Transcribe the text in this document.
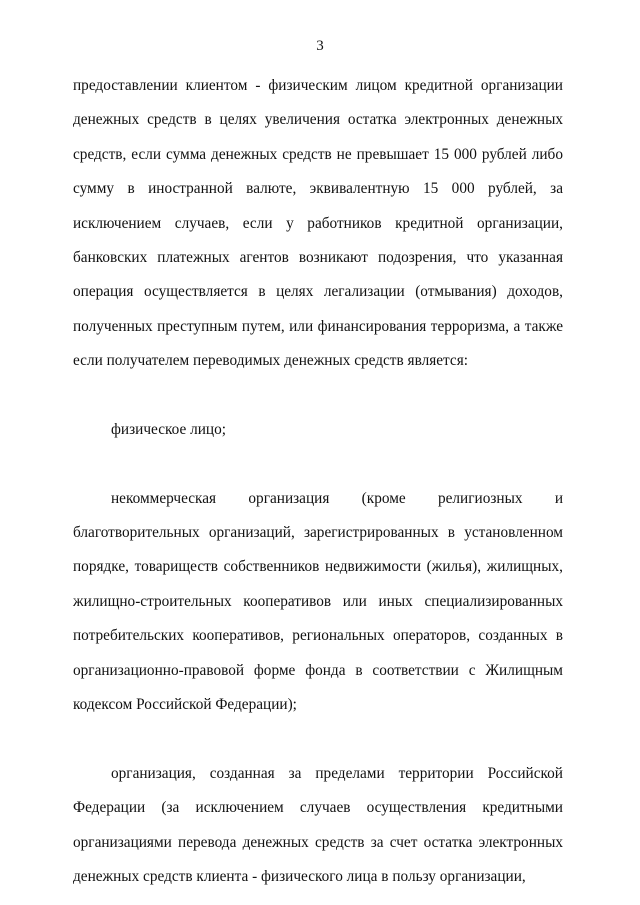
3
предоставлении клиентом - физическим лицом кредитной организации
денежных средств в целях увеличения остатка электронных денежных
средств, если сумма денежных средств не превышает 15 000 рублей либо
сумму в иностранной валюте, эквивалентную 15 000 рублей, за
исключением случаев, если у работников кредитной организации,
банковских платежных агентов возникают подозрения, что указанная
операция осуществляется в целях легализации (отмывания) доходов,
полученных преступным путем, или финансирования терроризма, а также
если получателем переводимых денежных средств является:
физическое лицо;
некоммерческая организация (кроме религиозных и
благотворительных организаций, зарегистрированных в установленном
порядке, товариществ собственников недвижимости (жилья), жилищных,
жилищно-строительных кооперативов или иных специализированных
потребительских кооперативов, региональных операторов, созданных в
организационно-правовой форме фонда в соответствии с Жилищным
кодексом Российской Федерации);
организация, созданная за пределами территории Российской
Федерации (за исключением случаев осуществления кредитными
организациями перевода денежных средств за счет остатка электронных
денежных средств клиента - физического лица в пользу организации,
